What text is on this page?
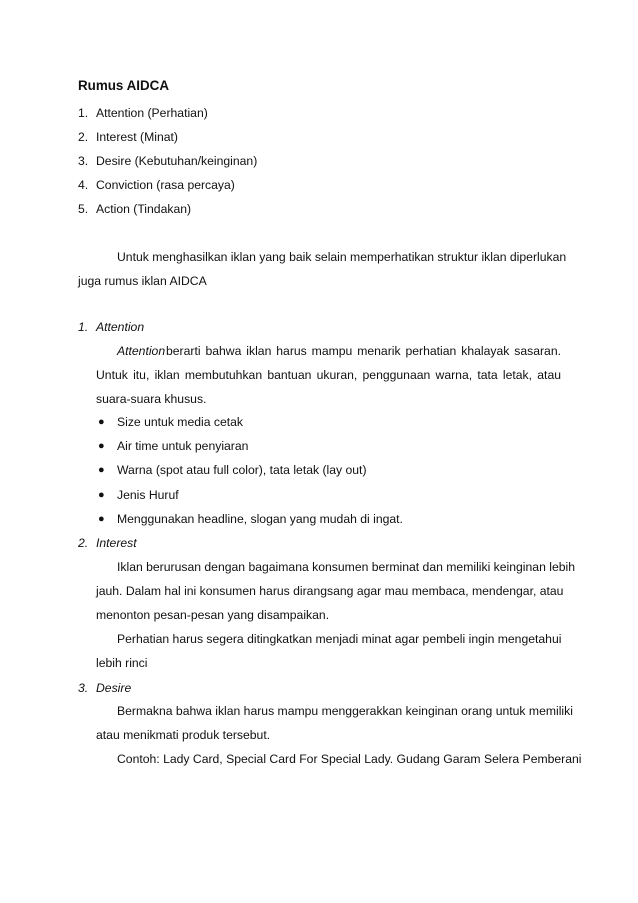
Rumus AIDCA
1. Attention (Perhatian)
2. Interest (Minat)
3. Desire (Kebutuhan/keinginan)
4. Conviction (rasa percaya)
5. Action (Tindakan)
Untuk menghasilkan iklan yang baik selain memperhatikan struktur iklan diperlukan
juga rumus iklan AIDCA
1. Attention
Attention berarti bahwa iklan harus mampu menarik perhatian khalayak sasaran.
Untuk itu, iklan membutuhkan bantuan ukuran, penggunaan warna, tata letak, atau
suara-suara khusus.
● Size untuk media cetak
● Air time untuk penyiaran
● Warna (spot atau full color), tata letak (lay out)
● Jenis Huruf
● Menggunakan headline, slogan yang mudah di ingat.
2. Interest
Iklan berurusan dengan bagaimana konsumen berminat dan memiliki keinginan lebih
jauh. Dalam hal ini konsumen harus dirangsang agar mau membaca, mendengar, atau
menonton pesan-pesan yang disampaikan.
Perhatian harus segera ditingkatkan menjadi minat agar pembeli ingin mengetahui
lebih rinci
3. Desire
Bermakna bahwa iklan harus mampu menggerakkan keinginan orang untuk memiliki
atau menikmati produk tersebut.
Contoh: Lady Card, Special Card For Special Lady. Gudang Garam Selera Pemberani
